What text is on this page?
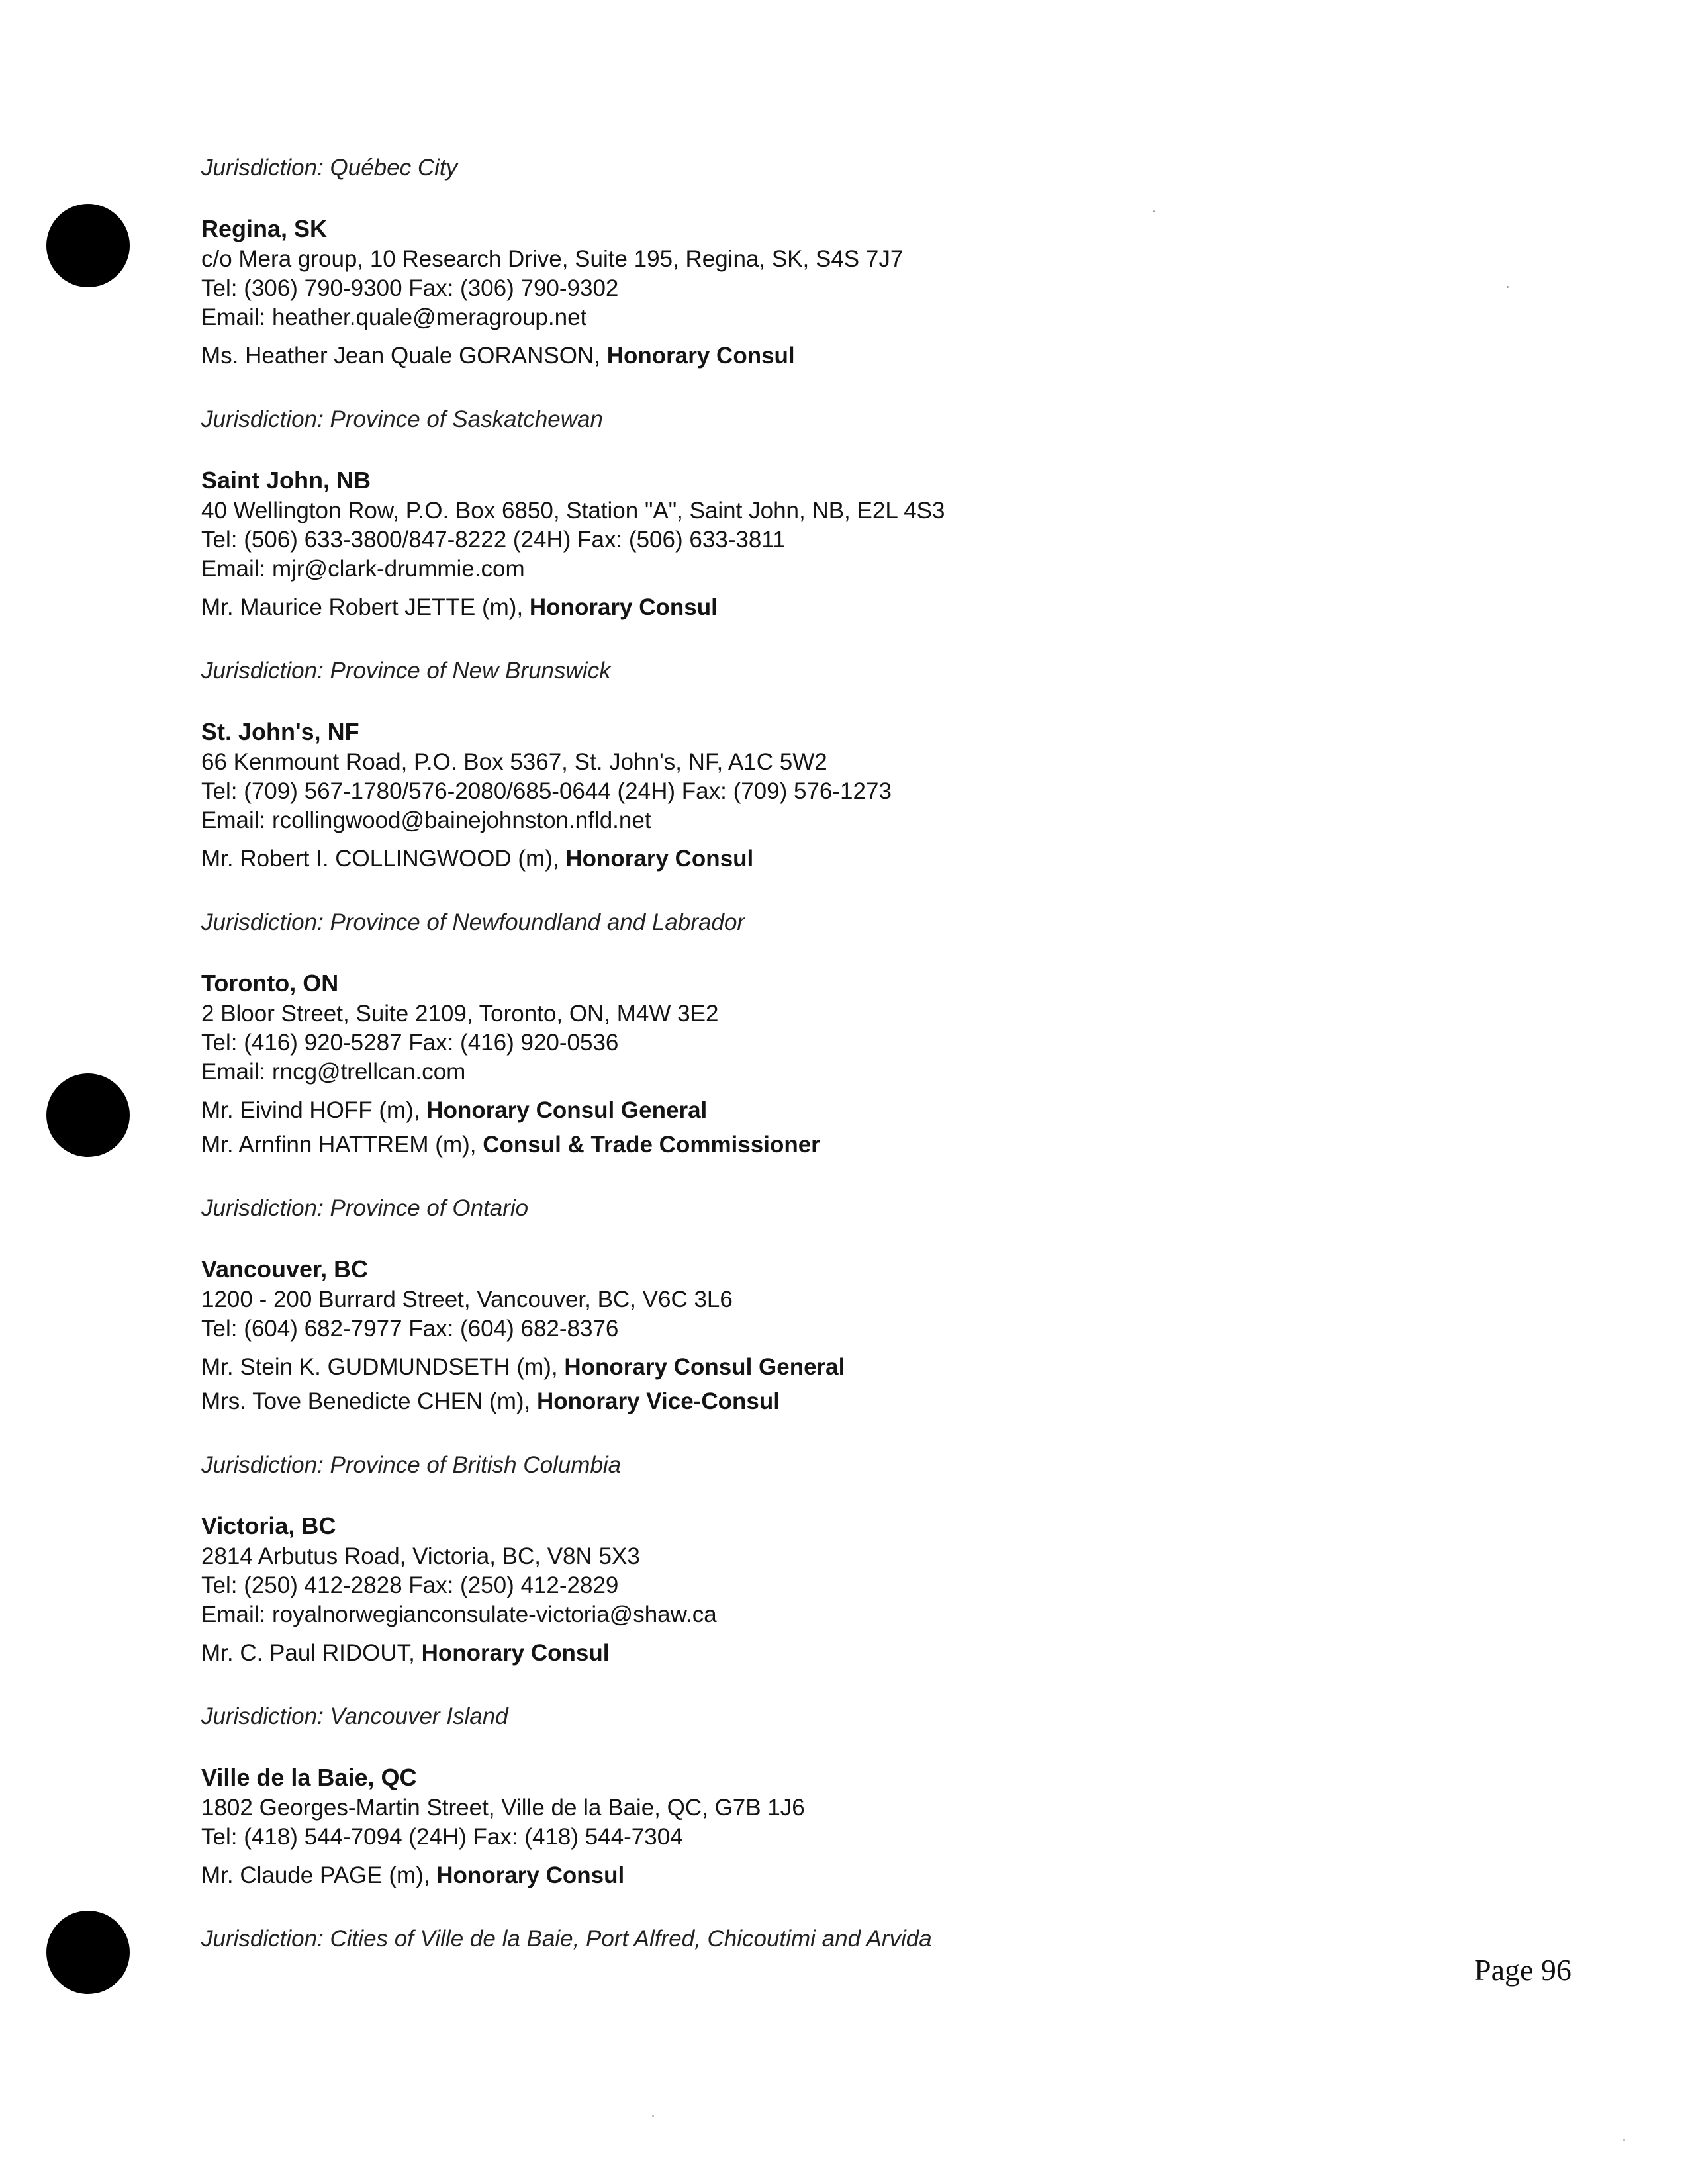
Jurisdiction: Québec City
Regina, SK
c/o Mera group, 10 Research Drive, Suite 195, Regina, SK, S4S 7J7
Tel: (306) 790-9300 Fax: (306) 790-9302
Email: heather.quale@meragroup.net
Ms. Heather Jean Quale GORANSON, Honorary Consul
Jurisdiction: Province of Saskatchewan
Saint John, NB
40 Wellington Row, P.O. Box 6850, Station "A", Saint John, NB, E2L 4S3
Tel: (506) 633-3800/847-8222 (24H) Fax: (506) 633-3811
Email: mjr@clark-drummie.com
Mr. Maurice Robert JETTE (m), Honorary Consul
Jurisdiction: Province of New Brunswick
St. John's, NF
66 Kenmount Road, P.O. Box 5367, St. John's, NF, A1C 5W2
Tel: (709) 567-1780/576-2080/685-0644 (24H) Fax: (709) 576-1273
Email: rcollingwood@bainejohnston.nfld.net
Mr. Robert I. COLLINGWOOD (m), Honorary Consul
Jurisdiction: Province of Newfoundland and Labrador
Toronto, ON
2 Bloor Street, Suite 2109, Toronto, ON, M4W 3E2
Tel: (416) 920-5287 Fax: (416) 920-0536
Email: rncg@trellcan.com
Mr. Eivind HOFF (m), Honorary Consul General
Mr. Arnfinn HATTREM (m), Consul & Trade Commissioner
Jurisdiction: Province of Ontario
Vancouver, BC
1200 - 200 Burrard Street, Vancouver, BC, V6C 3L6
Tel: (604) 682-7977 Fax: (604) 682-8376
Mr. Stein K. GUDMUNDSETH (m), Honorary Consul General
Mrs. Tove Benedicte CHEN (m), Honorary Vice-Consul
Jurisdiction: Province of British Columbia
Victoria, BC
2814 Arbutus Road, Victoria, BC, V8N 5X3
Tel: (250) 412-2828 Fax: (250) 412-2829
Email: royalnorwegianconsulate-victoria@shaw.ca
Mr. C. Paul RIDOUT, Honorary Consul
Jurisdiction: Vancouver Island
Ville de la Baie, QC
1802 Georges-Martin Street, Ville de la Baie, QC, G7B 1J6
Tel: (418) 544-7094 (24H) Fax: (418) 544-7304
Mr. Claude PAGE (m), Honorary Consul
Jurisdiction: Cities of Ville de la Baie, Port Alfred, Chicoutimi and Arvida
Page 96
